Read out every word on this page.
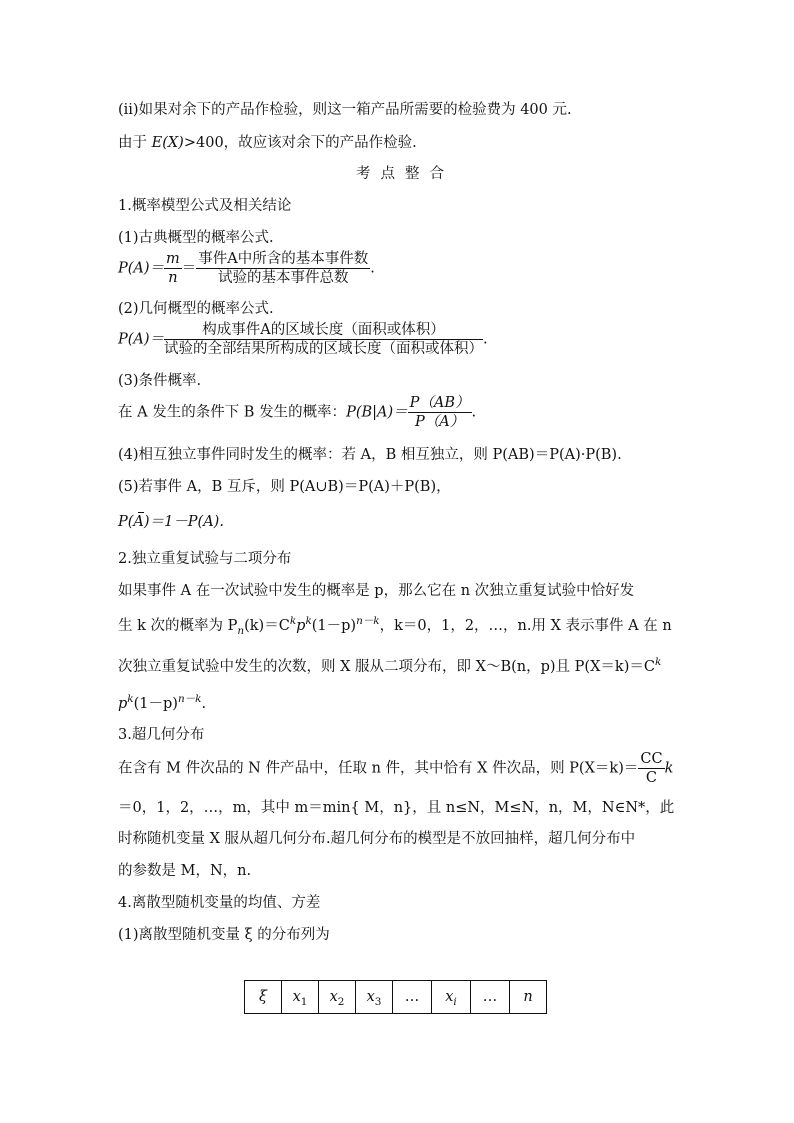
(ⅱ)如果对余下的产品作检验，则这一箱产品所需要的检验费为 400 元.
由于 E(X)>400，故应该对余下的产品作检验.
考点整合
1.概率模型公式及相关结论
(1)古典概型的概率公式.
$P(A)= \frac{m}{n} = \frac{\text{事件A中所含的基本事件数}}{\text{试验的基本事件总数}}$ .
(2)几何概型的概率公式.
$P(A)= \frac{\text{构成事件A的区域长度（面积或体积）}}{\text{试验的全部结果所构成的区域长度（面积或体积）}}$ .
(3)条件概率.
在 A 发生的条件下 B 发生的概率：$P(B|A)= \frac{P(AB)}{P(A)}$ .
(4)相互独立事件同时发生的概率：若 A，B 相互独立，则 P(AB)＝P(A)·P(B).
(5)若事件 A，B 互斥，则 P(A∪B)＝P(A)＋P(B)，
P(A)＝1－P(A).
2.独立重复试验与二项分布
如果事件 A 在一次试验中发生的概率是 p，那么它在 n 次独立重复试验中恰好发
生 k 次的概率为 $P_n(k)=C^kp^k(1-p)^{n-k}$，k＝0，1，2，…，n.用 X 表示事件 A 在 n
次独立重复试验中发生的次数，则 X 服从二项分布，即 X～B(n，p)且 $P(X=k)=C^k$
$p^k(1-p)^{n-k}$.
3.超几何分布
在含有 M 件次品的 N 件产品中，任取 n 件，其中恰有 X 件次品，则 $P(X=k)= \frac{CC}{C}$ k
＝0，1，2，…，m，其中 m＝min{ M，n}，且 n≤N，M≤N，n，M，N∈N*，此
时称随机变量 X 服从超几何分布.超几何分布的模型是不放回抽样，超几何分布中
的参数是 M，N，n.
4.离散型随机变量的均值、方差
(1)离散型随机变量 ξ 的分布列为
ξ	$x_1$	$x_2$	$x_3$	…	$x_i$	…	n
